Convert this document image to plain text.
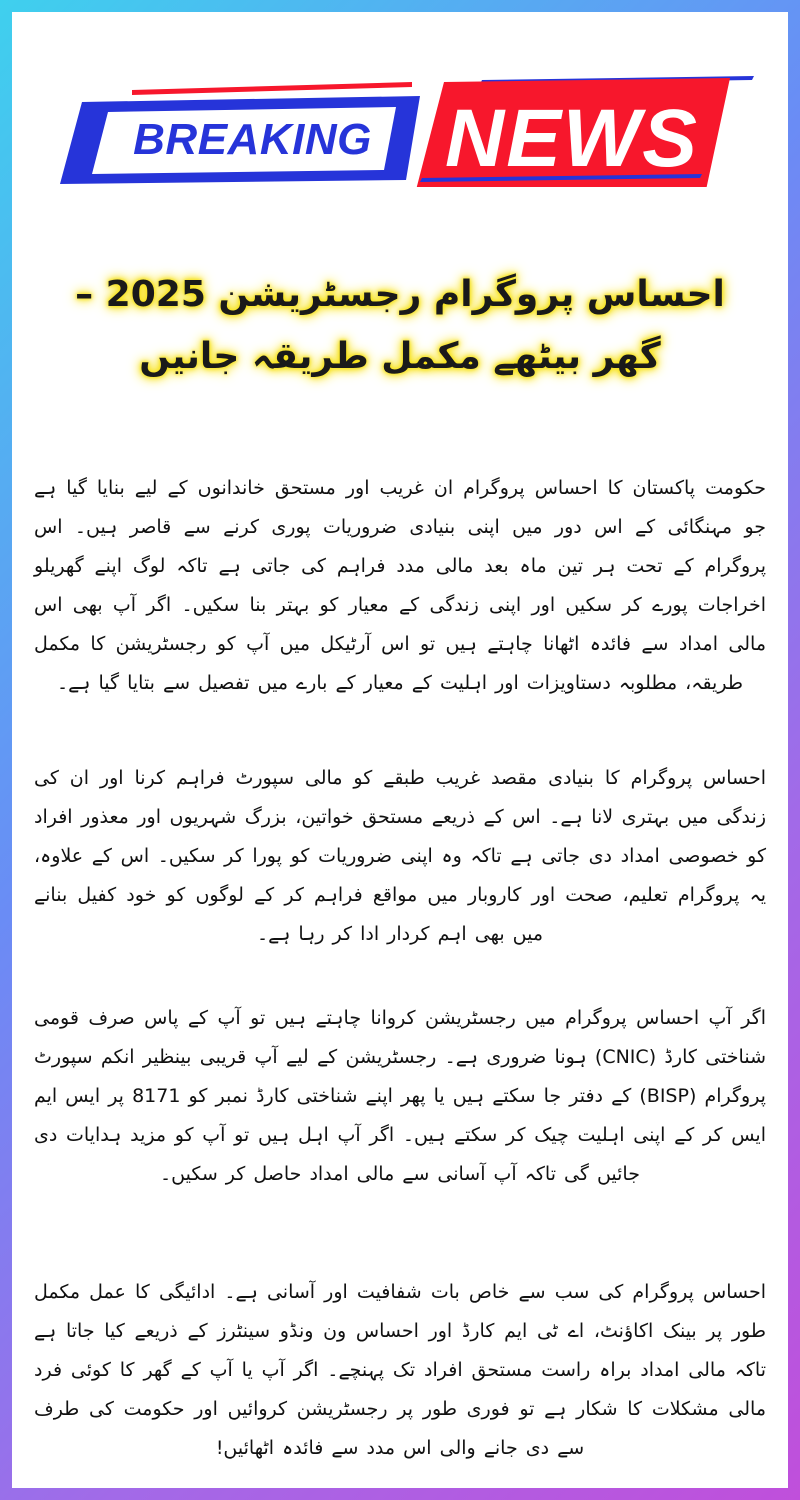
BREAKING NEWS
احساس پروگرام رجسٹریشن 2025 – گھر بیٹھے مکمل طریقہ جانیں

حکومت پاکستان کا احساس پروگرام ان غریب اور مستحق خاندانوں کے لیے بنایا گیا ہے جو مہنگائی کے اس دور میں اپنی بنیادی ضروریات پوری کرنے سے قاصر ہیں۔ اس پروگرام کے تحت ہر تین ماہ بعد مالی مدد فراہم کی جاتی ہے تاکہ لوگ اپنے گھریلو اخراجات پورے کر سکیں اور اپنی زندگی کے معیار کو بہتر بنا سکیں۔ اگر آپ بھی اس مالی امداد سے فائدہ اٹھانا چاہتے ہیں تو اس آرٹیکل میں آپ کو رجسٹریشن کا مکمل طریقہ، مطلوبہ دستاویزات اور اہلیت کے معیار کے بارے میں تفصیل سے بتایا گیا ہے۔

احساس پروگرام کا بنیادی مقصد غریب طبقے کو مالی سپورٹ فراہم کرنا اور ان کی زندگی میں بہتری لانا ہے۔ اس کے ذریعے مستحق خواتین، بزرگ شہریوں اور معذور افراد کو خصوصی امداد دی جاتی ہے تاکہ وہ اپنی ضروریات کو پورا کر سکیں۔ اس کے علاوہ، یہ پروگرام تعلیم، صحت اور کاروبار میں مواقع فراہم کر کے لوگوں کو خود کفیل بنانے میں بھی اہم کردار ادا کر رہا ہے۔

اگر آپ احساس پروگرام میں رجسٹریشن کروانا چاہتے ہیں تو آپ کے پاس صرف قومی شناختی کارڈ (CNIC) ہونا ضروری ہے۔ رجسٹریشن کے لیے آپ قریبی بینظیر انکم سپورٹ پروگرام (BISP) کے دفتر جا سکتے ہیں یا پھر اپنے شناختی کارڈ نمبر کو 8171 پر ایس ایم ایس کر کے اپنی اہلیت چیک کر سکتے ہیں۔ اگر آپ اہل ہیں تو آپ کو مزید ہدایات دی جائیں گی تاکہ آپ آسانی سے مالی امداد حاصل کر سکیں۔

احساس پروگرام کی سب سے خاص بات شفافیت اور آسانی ہے۔ ادائیگی کا عمل مکمل طور پر بینک اکاؤنٹ، اے ٹی ایم کارڈ اور احساس ون ونڈو سینٹرز کے ذریعے کیا جاتا ہے تاکہ مالی امداد براہ راست مستحق افراد تک پہنچے۔ اگر آپ یا آپ کے گھر کا کوئی فرد مالی مشکلات کا شکار ہے تو فوری طور پر رجسٹریشن کروائیں اور حکومت کی طرف سے دی جانے والی اس مدد سے فائدہ اٹھائیں!
